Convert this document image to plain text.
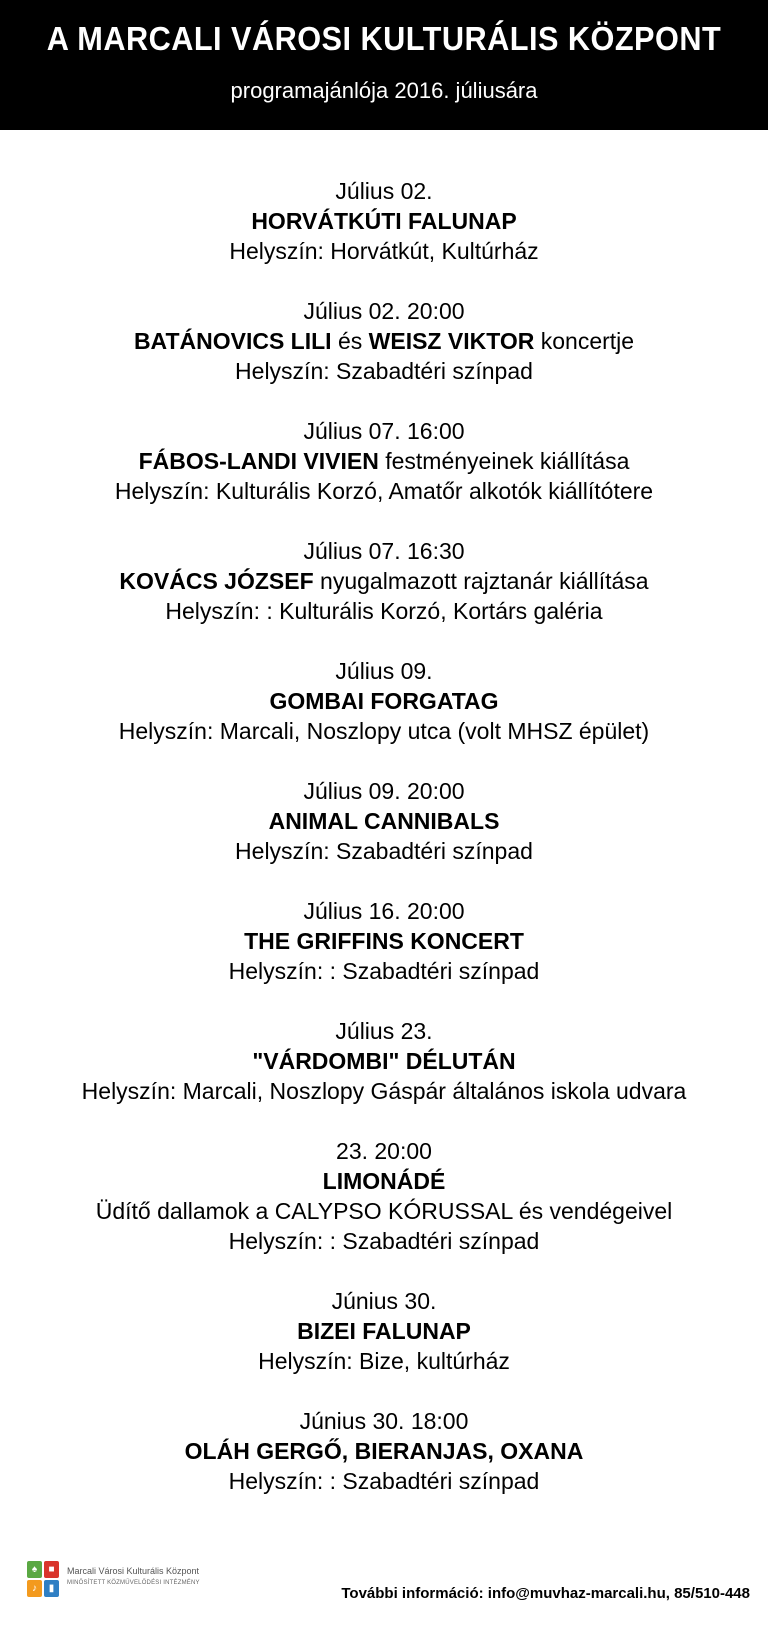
A MARCALI VÁROSI KULTURÁLIS KÖZPONT
programajánlója 2016. júliusára
Július 02.
HORVÁTKÚTI FALUNAP
Helyszín: Horvátkút, Kultúrház
Július 02. 20:00
BATÁNOVICS LILI és WEISZ VIKTOR koncertje
Helyszín: Szabadtéri színpad
Július 07. 16:00
FÁBOS-LANDI VIVIEN festményeinek kiállítása
Helyszín: Kulturális Korzó, Amatőr alkotók kiállítótere
Július 07. 16:30
KOVÁCS JÓZSEF nyugalmazott rajztanár kiállítása
Helyszín: : Kulturális Korzó, Kortárs galéria
Július 09.
GOMBAI FORGATAG
Helyszín: Marcali, Noszlopy utca (volt MHSZ épület)
Július 09. 20:00
ANIMAL CANNIBALS
Helyszín: Szabadtéri színpad
Július 16. 20:00
THE GRIFFINS KONCERT
Helyszín: : Szabadtéri színpad
Július 23.
"VÁRDOMBI" DÉLUTÁN
Helyszín: Marcali, Noszlopy Gáspár általános iskola udvara
23. 20:00
LIMONÁDÉ
Üdítő dallamok a CALYPSO KÓRUSSAL és vendégeivel
Helyszín: : Szabadtéri színpad
Június 30.
BIZEI FALUNAP
Helyszín: Bize, kultúrház
Június 30. 18:00
OLÁH GERGŐ, BIERANJAS, OXANA
Helyszín: : Szabadtéri színpad
♠	■
♪	▮
Marcali Városi Kulturális Központ
MINŐSÍTETT KÖZMŰVELŐDÉSI INTÉZMÉNY
További információ: info@muvhaz-marcali.hu, 85/510-448
